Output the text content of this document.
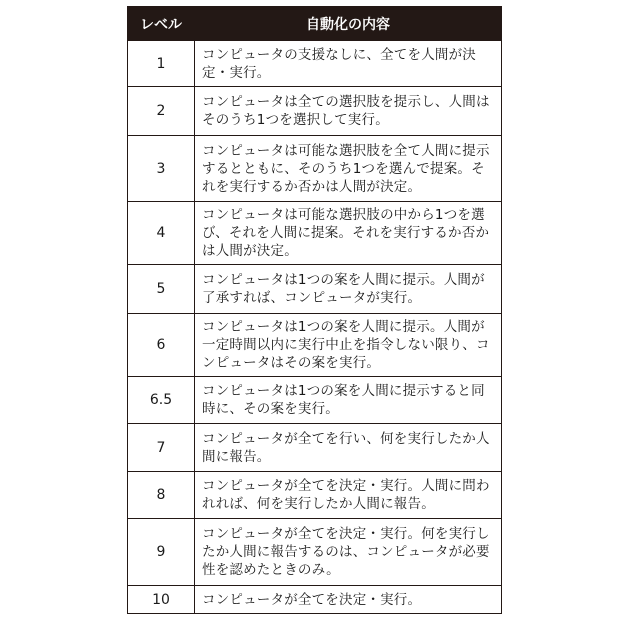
レベル	自動化の内容
1	コンピュータの支援なしに、全てを人間が決定・実行。
2	コンピュータは全ての選択肢を提示し、人間はそのうち1つを選択して実行。
3	コンピュータは可能な選択肢を全て人間に提示するとともに、そのうち1つを選んで提案。それを実行するか否かは人間が決定。
4	コンピュータは可能な選択肢の中から1つを選び、それを人間に提案。それを実行するか否かは人間が決定。
5	コンピュータは1つの案を人間に提示。人間が了承すれば、コンピュータが実行。
6	コンピュータは1つの案を人間に提示。人間が一定時間以内に実行中止を指令しない限り、コンピュータはその案を実行。
6.5	コンピュータは1つの案を人間に提示すると同時に、その案を実行。
7	コンピュータが全てを行い、何を実行したか人間に報告。
8	コンピュータが全てを決定・実行。人間に問われれば、何を実行したか人間に報告。
9	コンピュータが全てを決定・実行。何を実行したか人間に報告するのは、コンピュータが必要性を認めたときのみ。
10	コンピュータが全てを決定・実行。
